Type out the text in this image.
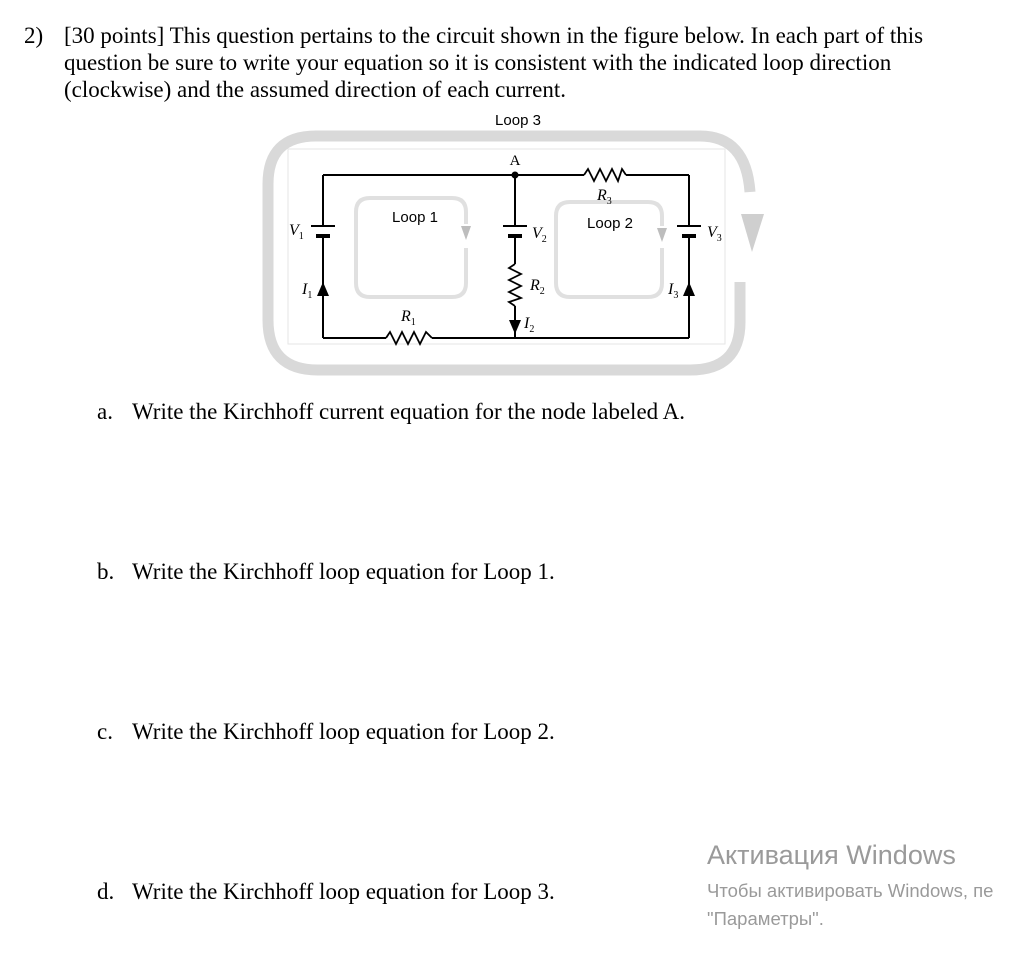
2) [30 points] This question pertains to the circuit shown in the figure below. In each part of this question be sure to write your equation so it is consistent with the indicated loop direction (clockwise) and the assumed direction of each current.
Loop 3
Loop 1	Loop 2
A
$V_1$	$V_2$	$V_3$
$R_3$
$R_1$
$R_2$
$I_1$	$I_3$
$I_2$
a. Write the Kirchhoff current equation for the node labeled A.
b. Write the Kirchhoff loop equation for Loop 1.
c. Write the Kirchhoff loop equation for Loop 2.
d. Write the Kirchhoff loop equation for Loop 3.
Активация Windows
Чтобы активировать Windows, пе
"Параметры".
